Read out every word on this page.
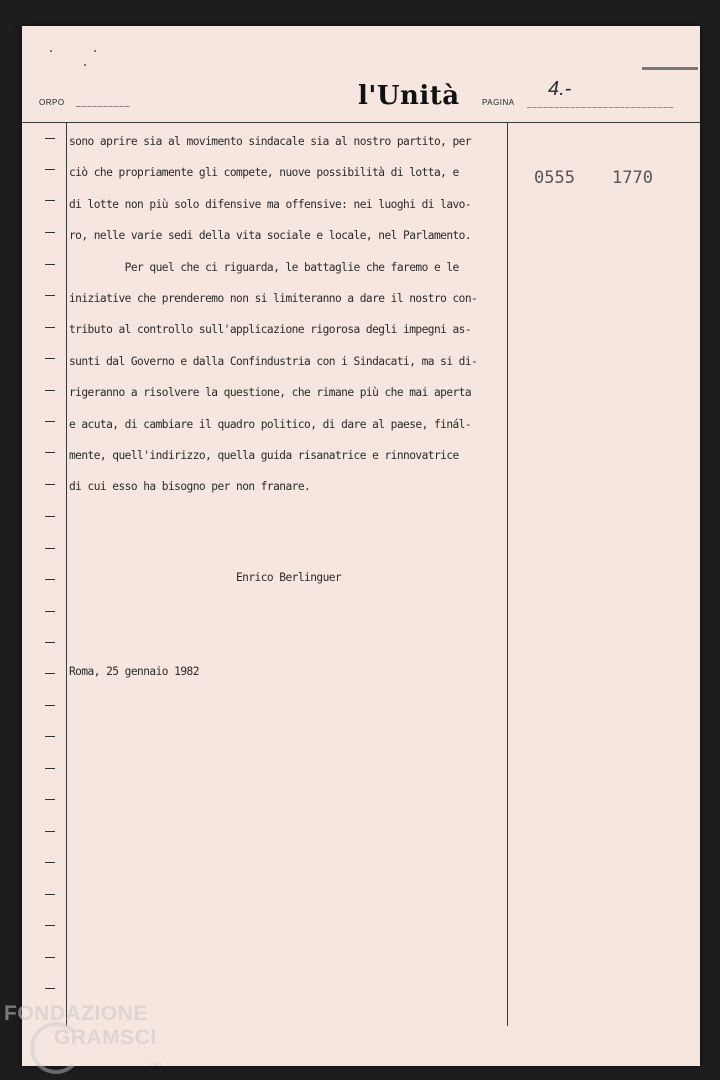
ORPO __________	l'Unità	PAGINA ___________________________
4.-
sono aprire sia al movimento sindacale sia al nostro partito, per
ciò che propriamente gli compete, nuove possibilità di lotta, e
di lotte non più solo difensive ma offensive: nei luoghi di lavo-
ro, nelle varie sedi della vita sociale e locale, nel Parlamento.
Per quel che ci riguarda, le battaglie che faremo e le
iniziative che prenderemo non si limiteranno a dare il nostro con-
tributo al controllo sull'applicazione rigorosa degli impegni as-
sunti dal Governo e dalla Confindustria con i Sindacati, ma si di-
rigeranno a risolvere la questione, che rimane più che mai aperta
e acuta, di cambiare il quadro politico, di dare al paese, finál-
mente, quell'indirizzo, quella guida risanatrice e rinnovatrice
di cui esso ha bisogno per non franare.
0555 1770
Enrico Berlinguer
Roma, 25 gennaio 1982
FONDAZIONE
GRAMSCI
onlus
